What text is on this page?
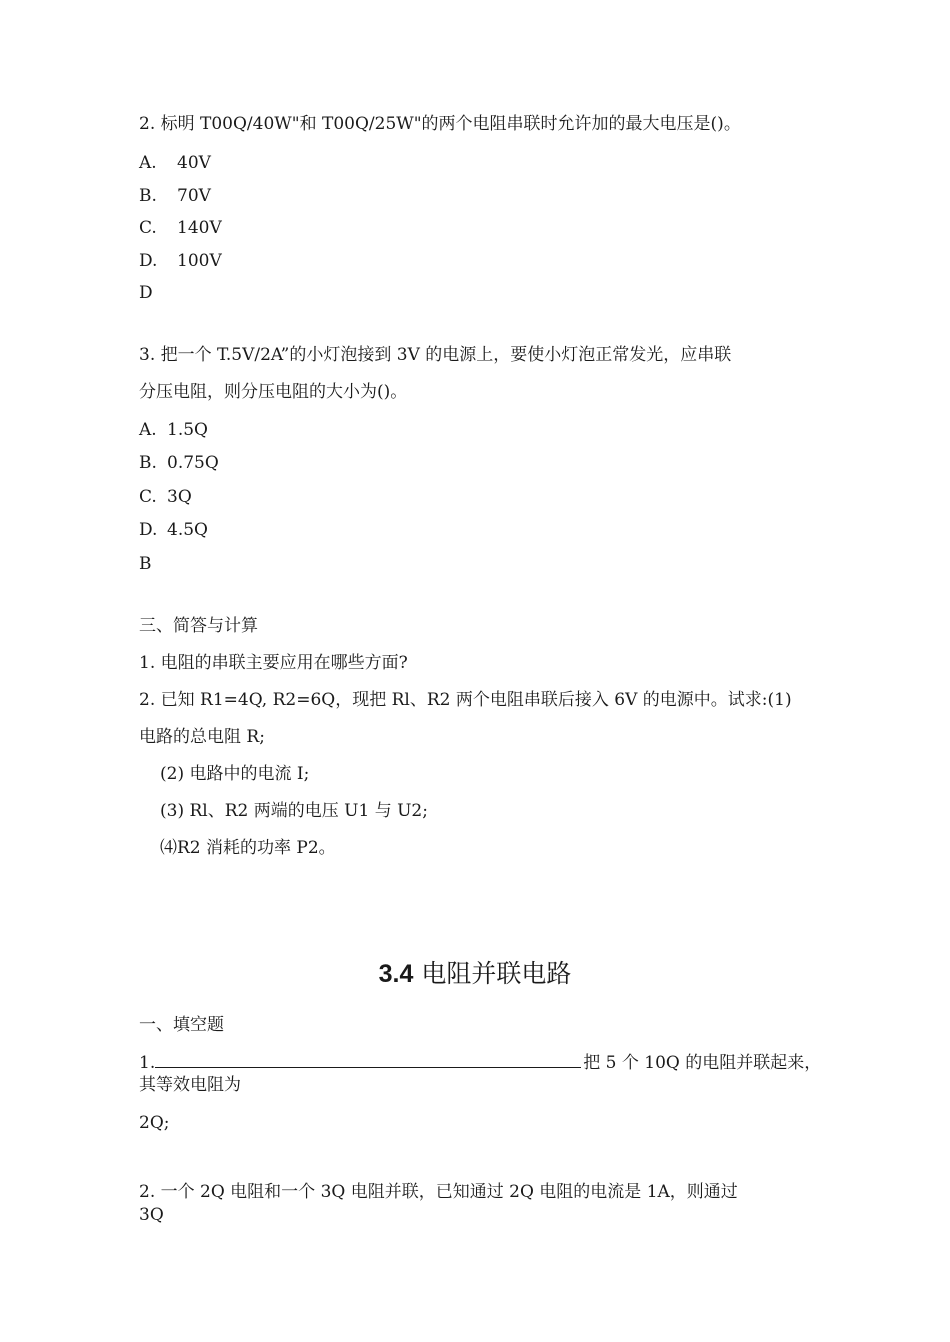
2. 标明 T00Q/40W"和 T00Q/25W"的两个电阻串联时允许加的最大电压是()。
A. 40V
B. 70V
C. 140V
D. 100V
D
3. 把一个 T.5V/2A”的小灯泡接到 3V 的电源上，要使小灯泡正常发光，应串联
分压电阻，则分压电阻的大小为()。
A. 1.5Q
B. 0.75Q
C. 3Q
D. 4.5Q
B
三、简答与计算
1. 电阻的串联主要应用在哪些方面?
2. 已知 R1=4Q, R2=6Q，现把 Rl、R2 两个电阻串联后接入 6V 的电源中。试求:(1)
电路的总电阻 R;
(2) 电路中的电流 I;
(3) Rl、R2 两端的电压 U1 与 U2;
⑷R2 消耗的功率 P2。
3.4 电阻并联电路
一、填空题
1.	把 5 个 10Q 的电阻并联起来，
其等效电阻为
2Q;
2. 一个 2Q 电阻和一个 3Q 电阻并联，已知通过 2Q 电阻的电流是 1A，则通过
3Q
